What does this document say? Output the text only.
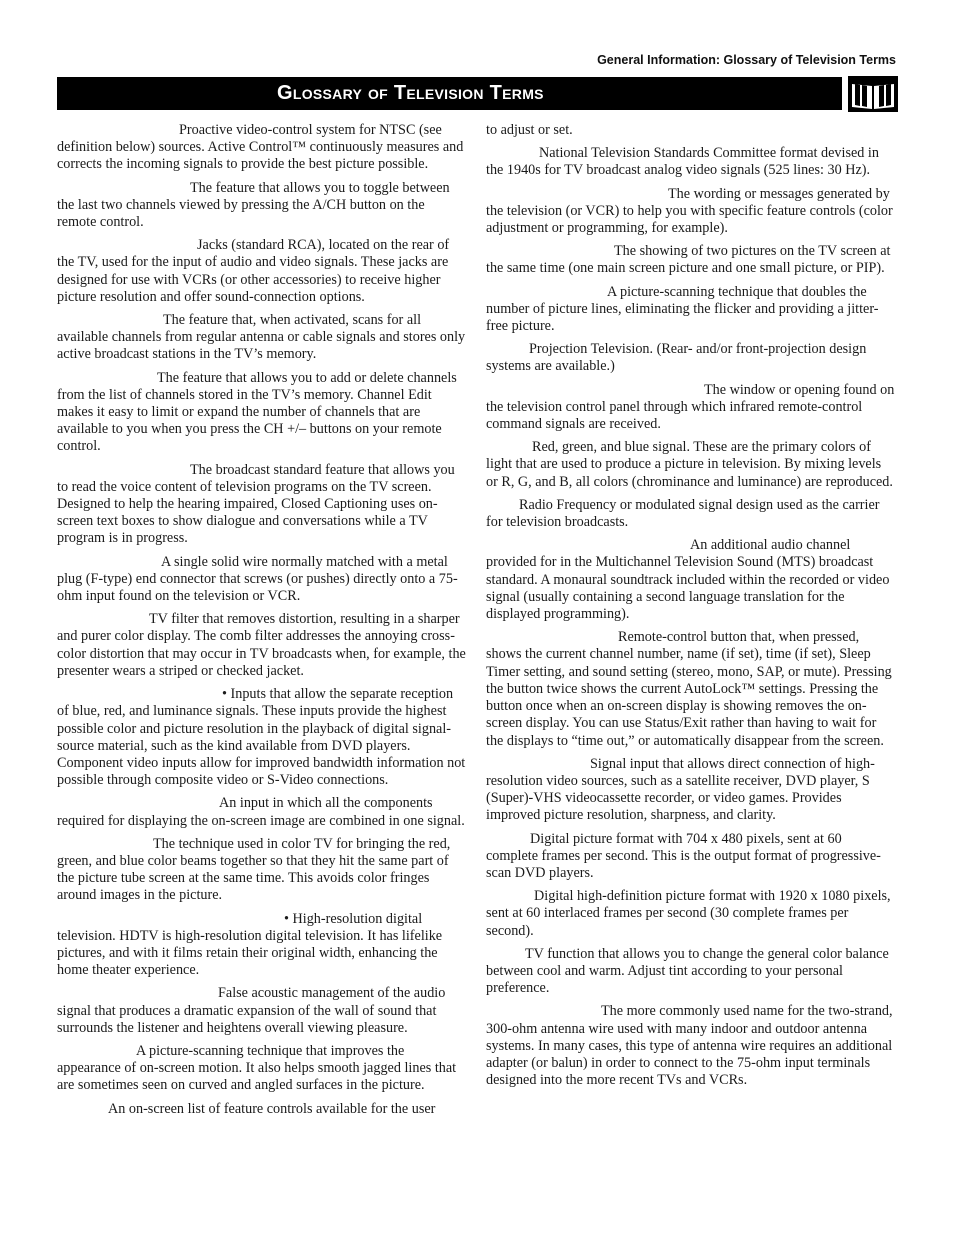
General Information: Glossary of Television Terms
Glossary of Television Terms

Proactive video-control system for NTSC (see definition below) sources. Active Control™ continuously measures and corrects the incoming signals to provide the best picture possible.

The feature that allows you to toggle between the last two channels viewed by pressing the A/CH button on the remote control.

Jacks (standard RCA), located on the rear of the TV, used for the input of audio and video signals. These jacks are designed for use with VCRs (or other accessories) to receive higher picture resolution and offer sound-connection options.

The feature that, when activated, scans for all available channels from regular antenna or cable signals and stores only active broadcast stations in the TV’s memory.

The feature that allows you to add or delete channels from the list of channels stored in the TV’s memory. Channel Edit makes it easy to limit or expand the number of channels that are available to you when you press the CH +/– buttons on your remote control.

The broadcast standard feature that allows you to read the voice content of television programs on the TV screen. Designed to help the hearing impaired, Closed Captioning uses on-screen text boxes to show dialogue and conversations while a TV program is in progress.

A single solid wire normally matched with a metal plug (F-type) end connector that screws (or pushes) directly onto a 75-ohm input found on the television or VCR.

TV filter that removes distortion, resulting in a sharper and purer color display. The comb filter addresses the annoying cross-color distortion that may occur in TV broadcasts when, for example, the presenter wears a striped or checked jacket.

• Inputs that allow the separate reception of blue, red, and luminance signals. These inputs provide the highest possible color and picture resolution in the playback of digital signal-source material, such as the kind available from DVD players. Component video inputs allow for improved bandwidth information not possible through composite video or S-Video connections.

An input in which all the components required for displaying the on-screen image are combined in one signal.

The technique used in color TV for bringing the red, green, and blue color beams together so that they hit the same part of the picture tube screen at the same time. This avoids color fringes around images in the picture.

• High-resolution digital television. HDTV is high-resolution digital television. It has lifelike pictures, and with it films retain their original width, enhancing the home theater experience.

False acoustic management of the audio signal that produces a dramatic expansion of the wall of sound that surrounds the listener and heightens overall viewing pleasure.

A picture-scanning technique that improves the appearance of on-screen motion. It also helps smooth jagged lines that are sometimes seen on curved and angled surfaces in the picture.

An on-screen list of feature controls available for the user

to adjust or set.

National Television Standards Committee format devised in the 1940s for TV broadcast analog video signals (525 lines: 30 Hz).

The wording or messages generated by the television (or VCR) to help you with specific feature controls (color adjustment or programming, for example).

The showing of two pictures on the TV screen at the same time (one main screen picture and one small picture, or PIP).

A picture-scanning technique that doubles the number of picture lines, eliminating the flicker and providing a jitter-free picture.

Projection Television. (Rear- and/or front-projection design systems are available.)

The window or opening found on the television control panel through which infrared remote-control command signals are received.

Red, green, and blue signal. These are the primary colors of light that are used to produce a picture in television. By mixing levels or R, G, and B, all colors (chrominance and luminance) are reproduced.

Radio Frequency or modulated signal design used as the carrier for television broadcasts.

An additional audio channel provided for in the Multichannel Television Sound (MTS) broadcast standard. A monaural soundtrack included within the recorded or video signal (usually containing a second language translation for the displayed programming).

Remote-control button that, when pressed, shows the current channel number, name (if set), time (if set), Sleep Timer setting, and sound setting (stereo, mono, SAP, or mute). Pressing the button twice shows the current AutoLock™ settings. Pressing the button once when an on-screen display is showing removes the on-screen display. You can use Status/Exit rather than having to wait for the displays to “time out,” or automatically disappear from the screen.

Signal input that allows direct connection of high-resolution video sources, such as a satellite receiver, DVD player, S (Super)-VHS videocassette recorder, or video games. Provides improved picture resolution, sharpness, and clarity.

Digital picture format with 704 x 480 pixels, sent at 60 complete frames per second. This is the output format of progressive-scan DVD players.

Digital high-definition picture format with 1920 x 1080 pixels, sent at 60 interlaced frames per second (30 complete frames per second).

TV function that allows you to change the general color balance between cool and warm. Adjust tint according to your personal preference.

The more commonly used name for the two-strand, 300-ohm antenna wire used with many indoor and outdoor antenna systems. In many cases, this type of antenna wire requires an additional adapter (or balun) in order to connect to the 75-ohm input terminals designed into the more recent TVs and VCRs.
